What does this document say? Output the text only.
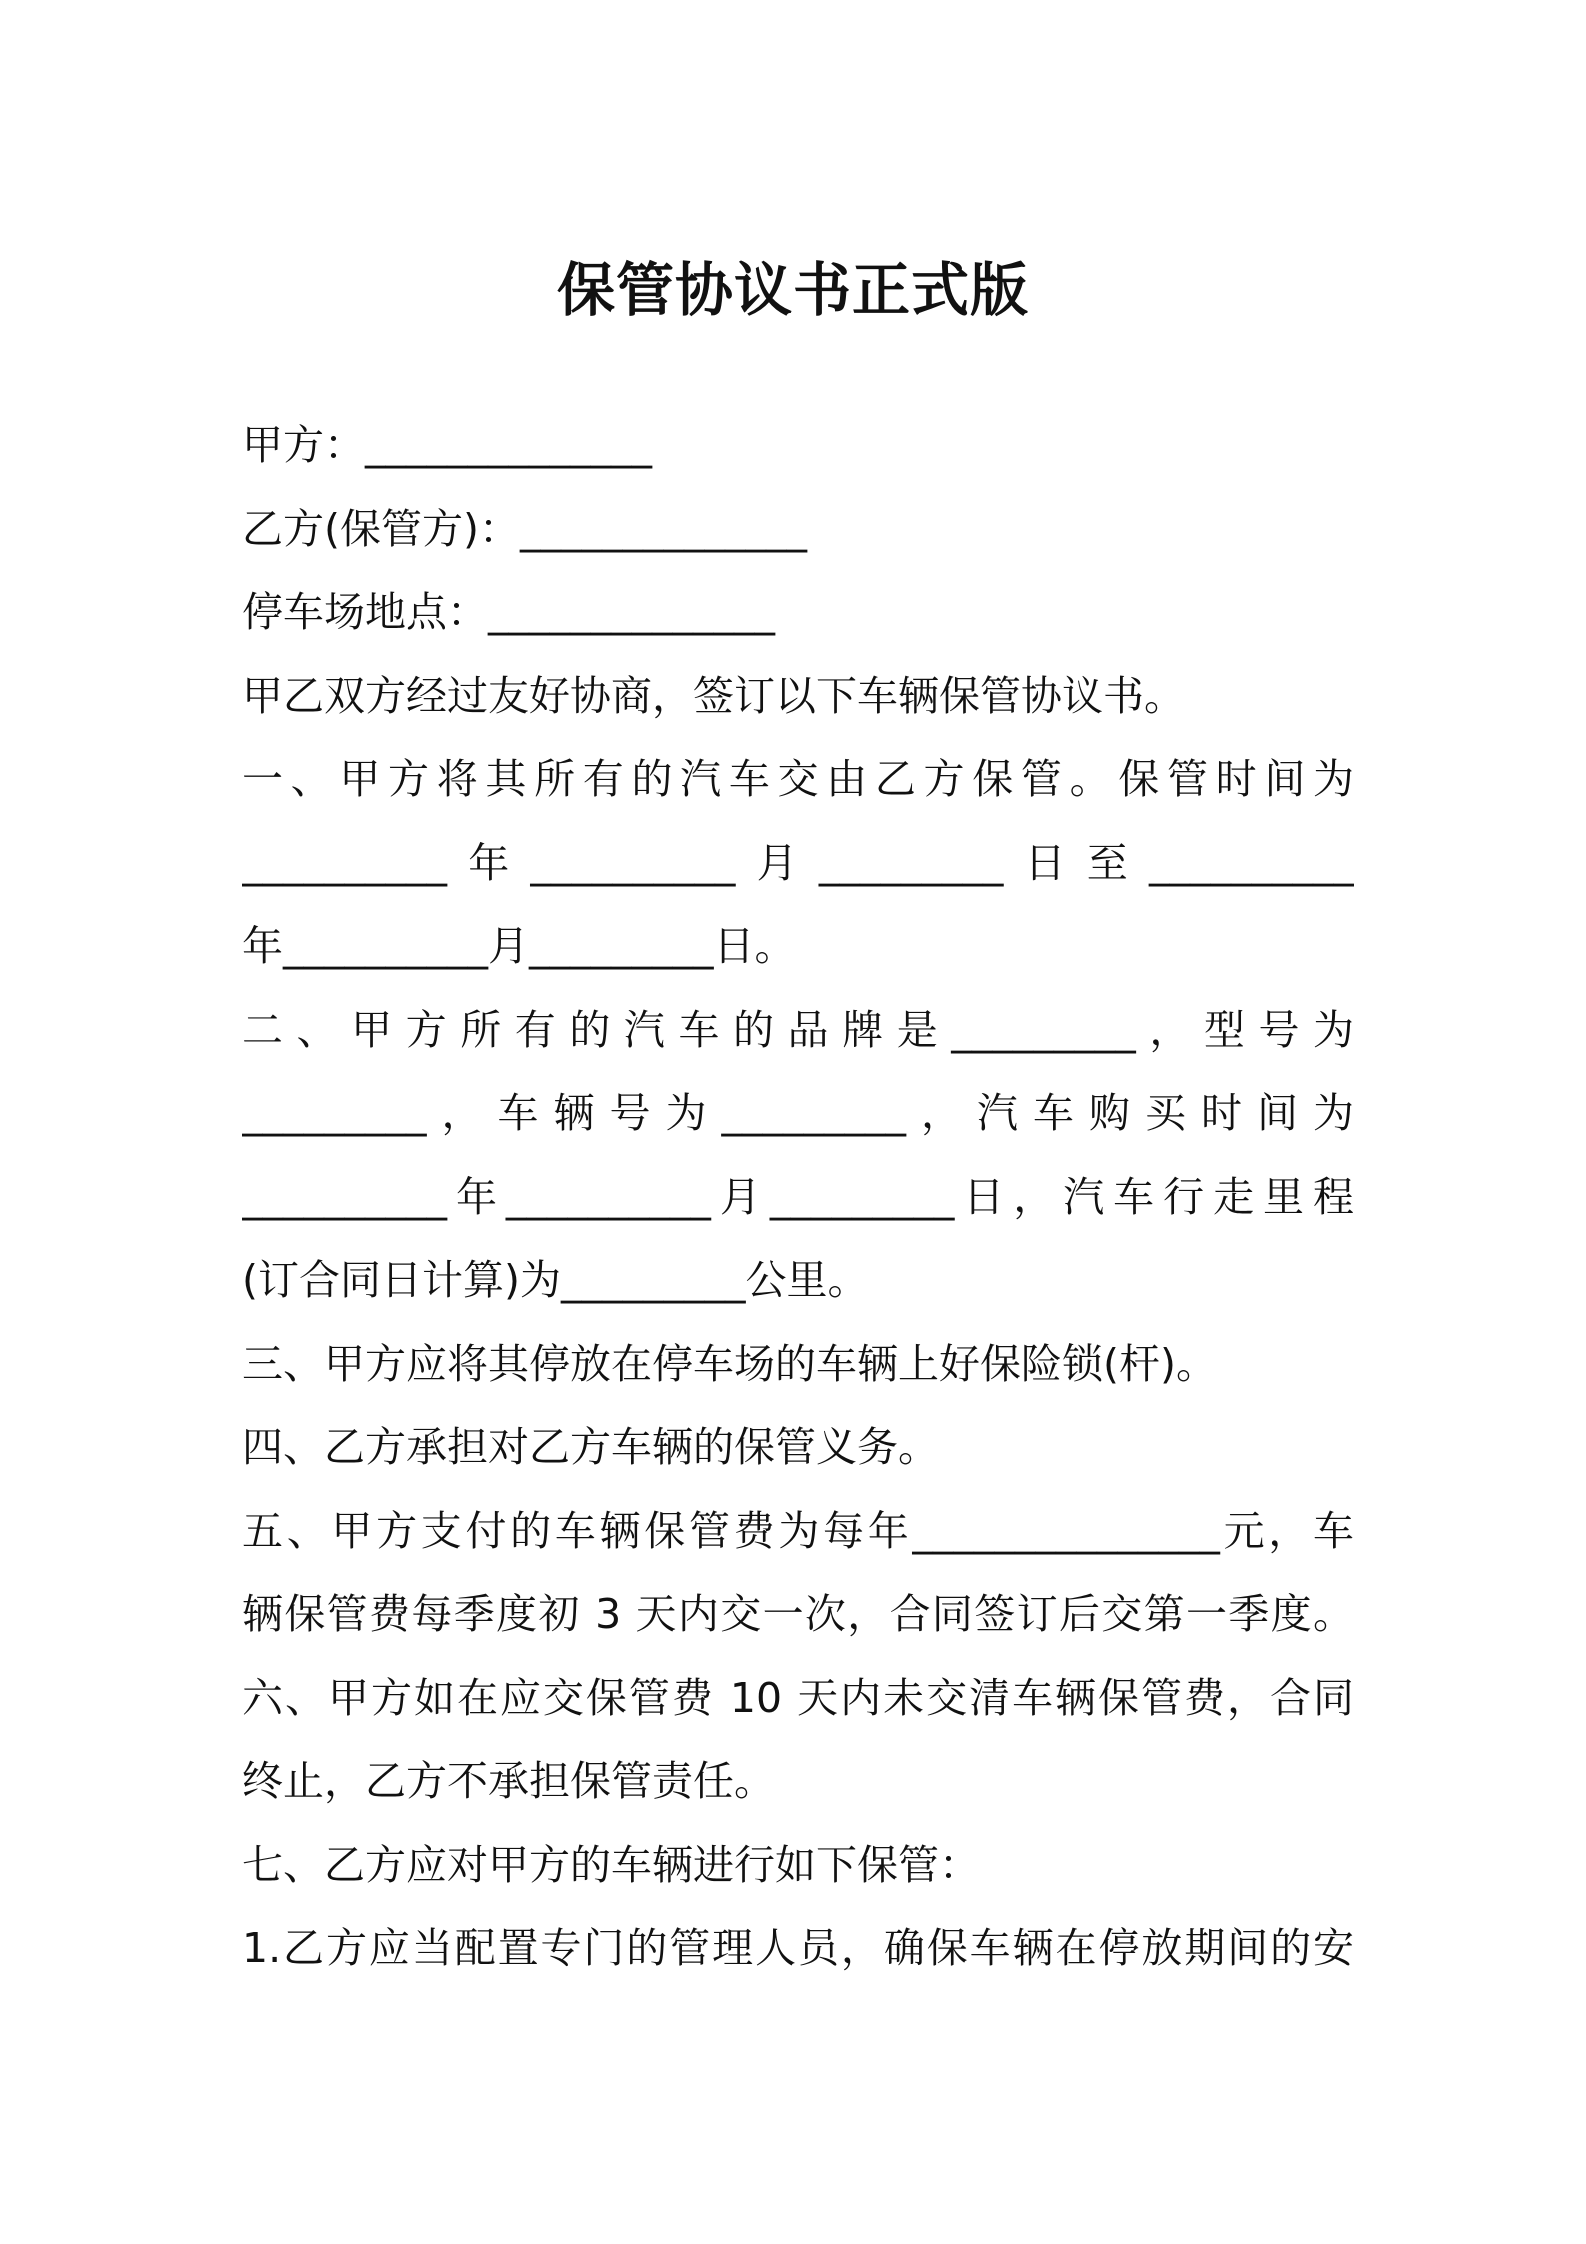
保管协议书正式版
甲方：______________
乙方(保管方)：______________
停车场地点：______________
甲乙双方经过友好协商，签订以下车辆保管协议书。
一、甲方将其所有的汽车交由乙方保管。保管时间为
__________年__________月_________日至__________
年__________月_________日。
二、甲方所有的汽车的品牌是_________，型号为
_________，车辆号为_________，汽车购买时间为
__________年__________月_________日，汽车行走里程
(订合同日计算)为_________公里。
三、甲方应将其停放在停车场的车辆上好保险锁(杆)。
四、乙方承担对乙方车辆的保管义务。
五、甲方支付的车辆保管费为每年_______________元，车
辆保管费每季度初 3 天内交一次，合同签订后交第一季度。
六、甲方如在应交保管费 10 天内未交清车辆保管费，合同
终止，乙方不承担保管责任。
七、乙方应对甲方的车辆进行如下保管：
1.乙方应当配置专门的管理人员，确保车辆在停放期间的安
